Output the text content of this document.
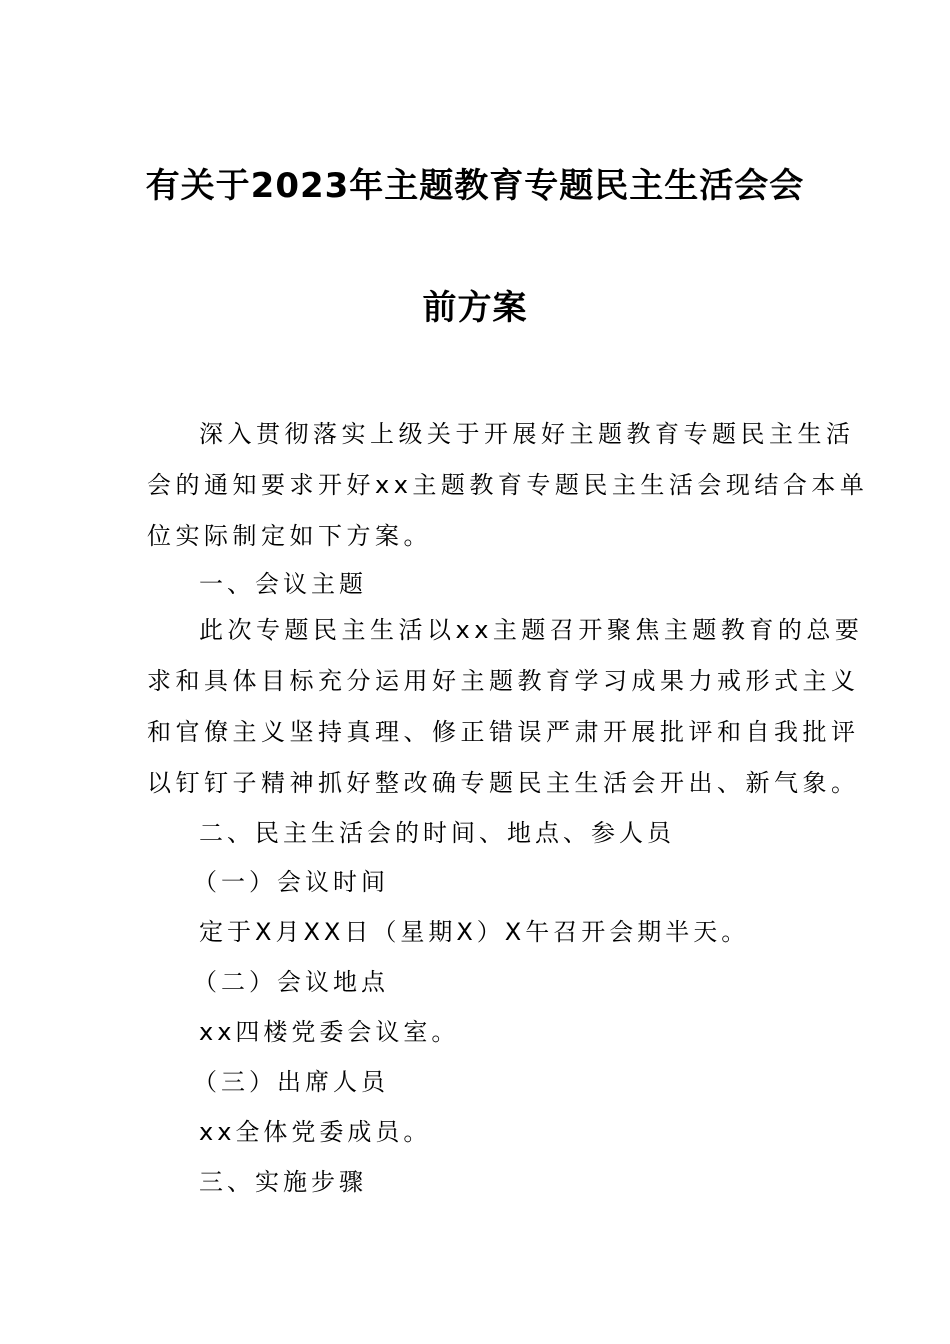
有关于2023年主题教育专题民主生活会会
前方案
深入贯彻落实上级关于开展好主题教育专题民主生活
会的通知要求开好xx主题教育专题民主生活会现结合本单
位实际制定如下方案。

一、会议主题

此次专题民主生活以xx主题召开聚焦主题教育的总要
求和具体目标充分运用好主题教育学习成果力戒形式主义
和官僚主义坚持真理、修正错误严肃开展批评和自我批评
以钉钉子精神抓好整改确专题民主生活会开出、新气象。

二、民主生活会的时间、地点、参人员

（一）会议时间

定于X月XX日（星期X）X午召开会期半天。

（二）会议地点

xx四楼党委会议室。

（三）出席人员

xx全体党委成员。

三、实施步骤
